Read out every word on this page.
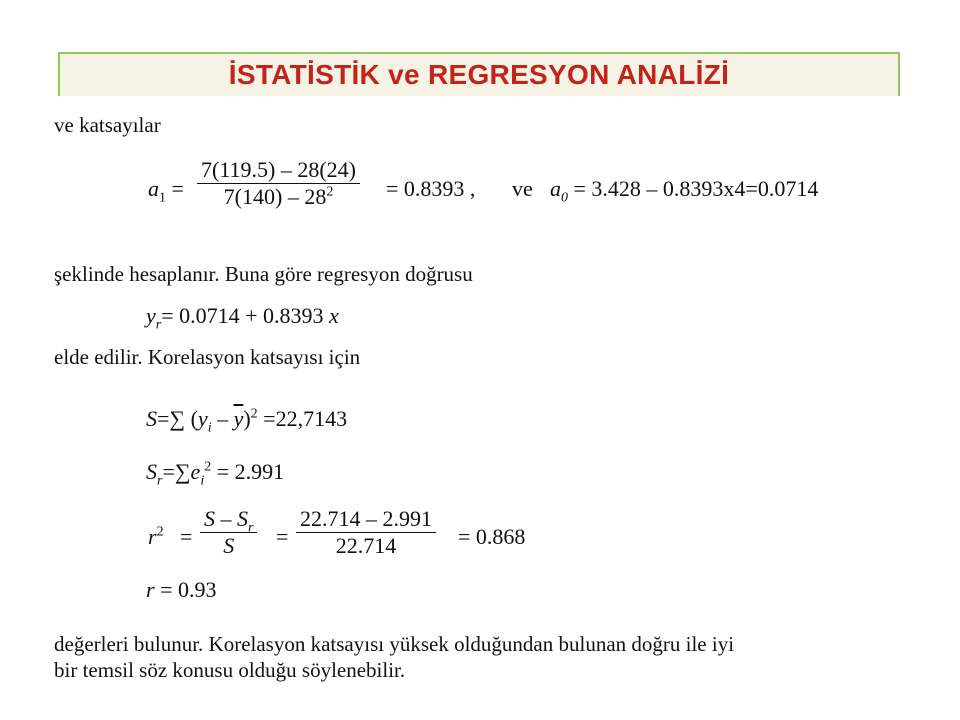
İSTATİSTİK ve REGRESYON ANALİZİ
ve katsayılar
$a_1$ =
7(119.5) – 28(24)
$7(140) - 28^2 = 0.8393$ , ve $a_0 = 3.428 - 0.8393x4=0.0714$
şeklinde hesaplanır. Buna göre regresyon doğrusu
$y_r= 0.0714 + 0.8393$ x
elde edilir. Korelasyon katsayısı için
S=∑ $(y_i - \overline{y})^2 =22,7143$
$S_r=\sum e_i^2 = 2.991$
$r^2$ =
S – $S_r$
S =
22.714 – 2.991
22.714	= 0.868
r = 0.93
değerleri bulunur. Korelasyon katsayısı yüksek olduğundan bulunan doğru ile iyi
bir temsil söz konusu olduğu söylenebilir.
